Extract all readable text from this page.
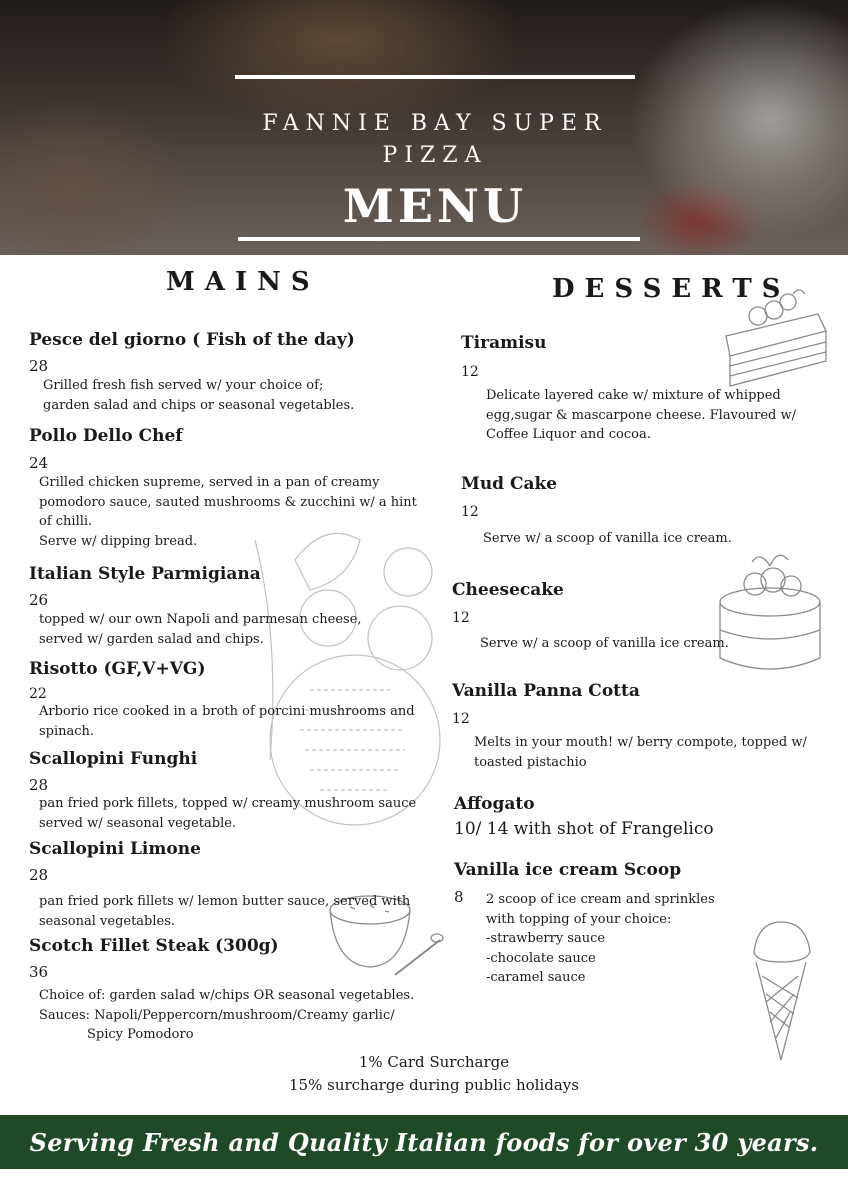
FANNIE BAY SUPER PIZZA
MENU
MAINS	DESSERTS
Pesce del giorno ( Fish of the day)
28
Grilled fresh fish served w/ your choice of;
garden salad and chips or seasonal vegetables.
Pollo Dello Chef
24
Grilled chicken supreme, served in a pan of creamy
pomodoro sauce, sauted mushrooms & zucchini w/ a hint
of chilli.
Serve w/ dipping bread.
Italian Style Parmigiana
26
topped w/ our own Napoli and parmesan cheese,
served w/ garden salad and chips.
Risotto (GF,V+VG)
22
Arborio rice cooked in a broth of porcini mushrooms and
spinach.
Scallopini Funghi
28
pan fried pork fillets, topped w/ creamy mushroom sauce
served w/ seasonal vegetable.
Scallopini Limone
28
pan fried pork fillets w/ lemon butter sauce, served with
seasonal vegetables.
Scotch Fillet Steak (300g)
36
Choice of: garden salad w/chips OR seasonal vegetables.
Sauces: Napoli/Peppercorn/mushroom/Creamy garlic/
Spicy Pomodoro
Tiramisu
12
Delicate layered cake w/ mixture of whipped
egg,sugar & mascarpone cheese. Flavoured w/
Coffee Liquor and cocoa.
Mud Cake
12
Serve w/ a scoop of vanilla ice cream.
Cheesecake
12
Serve w/ a scoop of vanilla ice cream.
Vanilla Panna Cotta
12
Melts in your mouth! w/ berry compote, topped w/
toasted pistachio
Affogato
10/ 14 with shot of Frangelico
Vanilla ice cream Scoop
8	2 scoop of ice cream and sprinkles
with topping of your choice:
-strawberry sauce
-chocolate sauce
-caramel sauce
1% Card Surcharge
15% surcharge during public holidays
Serving Fresh and Quality Italian foods for over 30 years.
